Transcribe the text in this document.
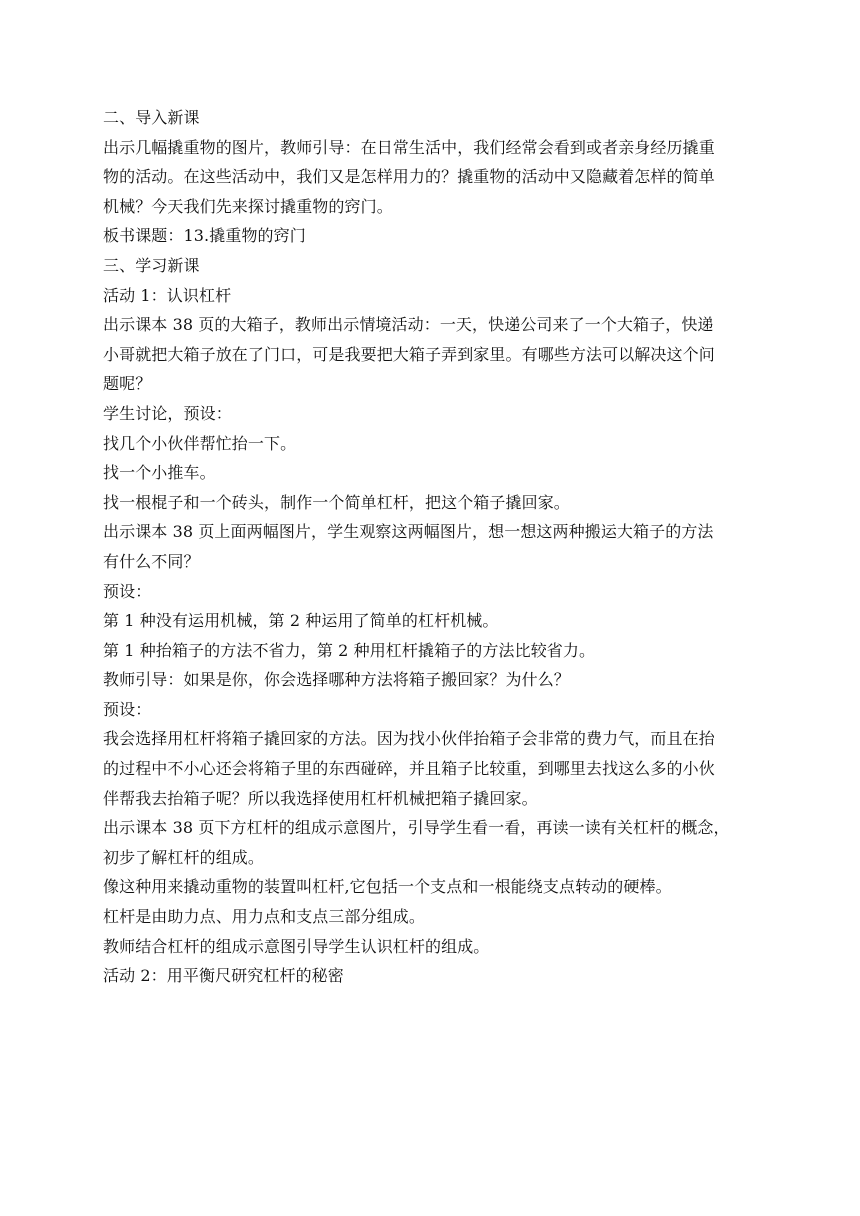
二、导入新课
出示几幅撬重物的图片，教师引导：在日常生活中，我们经常会看到或者亲身经历撬重
物的活动。在这些活动中，我们又是怎样用力的？撬重物的活动中又隐藏着怎样的简单
机械？今天我们先来探讨撬重物的窍门。
板书课题：13.撬重物的窍门
三、学习新课
活动 1：认识杠杆
出示课本 38 页的大箱子，教师出示情境活动：一天，快递公司来了一个大箱子，快递
小哥就把大箱子放在了门口，可是我要把大箱子弄到家里。有哪些方法可以解决这个问
题呢？
学生讨论，预设：
找几个小伙伴帮忙抬一下。
找一个小推车。
找一根棍子和一个砖头，制作一个简单杠杆，把这个箱子撬回家。
出示课本 38 页上面两幅图片，学生观察这两幅图片，想一想这两种搬运大箱子的方法
有什么不同？
预设：
第 1 种没有运用机械，第 2 种运用了简单的杠杆机械。
第 1 种抬箱子的方法不省力，第 2 种用杠杆撬箱子的方法比较省力。
教师引导：如果是你，你会选择哪种方法将箱子搬回家？为什么？
预设：
我会选择用杠杆将箱子撬回家的方法。因为找小伙伴抬箱子会非常的费力气，而且在抬
的过程中不小心还会将箱子里的东西碰碎，并且箱子比较重，到哪里去找这么多的小伙
伴帮我去抬箱子呢？所以我选择使用杠杆机械把箱子撬回家。
出示课本 38 页下方杠杆的组成示意图片，引导学生看一看，再读一读有关杠杆的概念，
初步了解杠杆的组成。
像这种用来撬动重物的装置叫杠杆,它包括一个支点和一根能绕支点转动的硬棒。
杠杆是由助力点、用力点和支点三部分组成。
教师结合杠杆的组成示意图引导学生认识杠杆的组成。
活动 2：用平衡尺研究杠杆的秘密
